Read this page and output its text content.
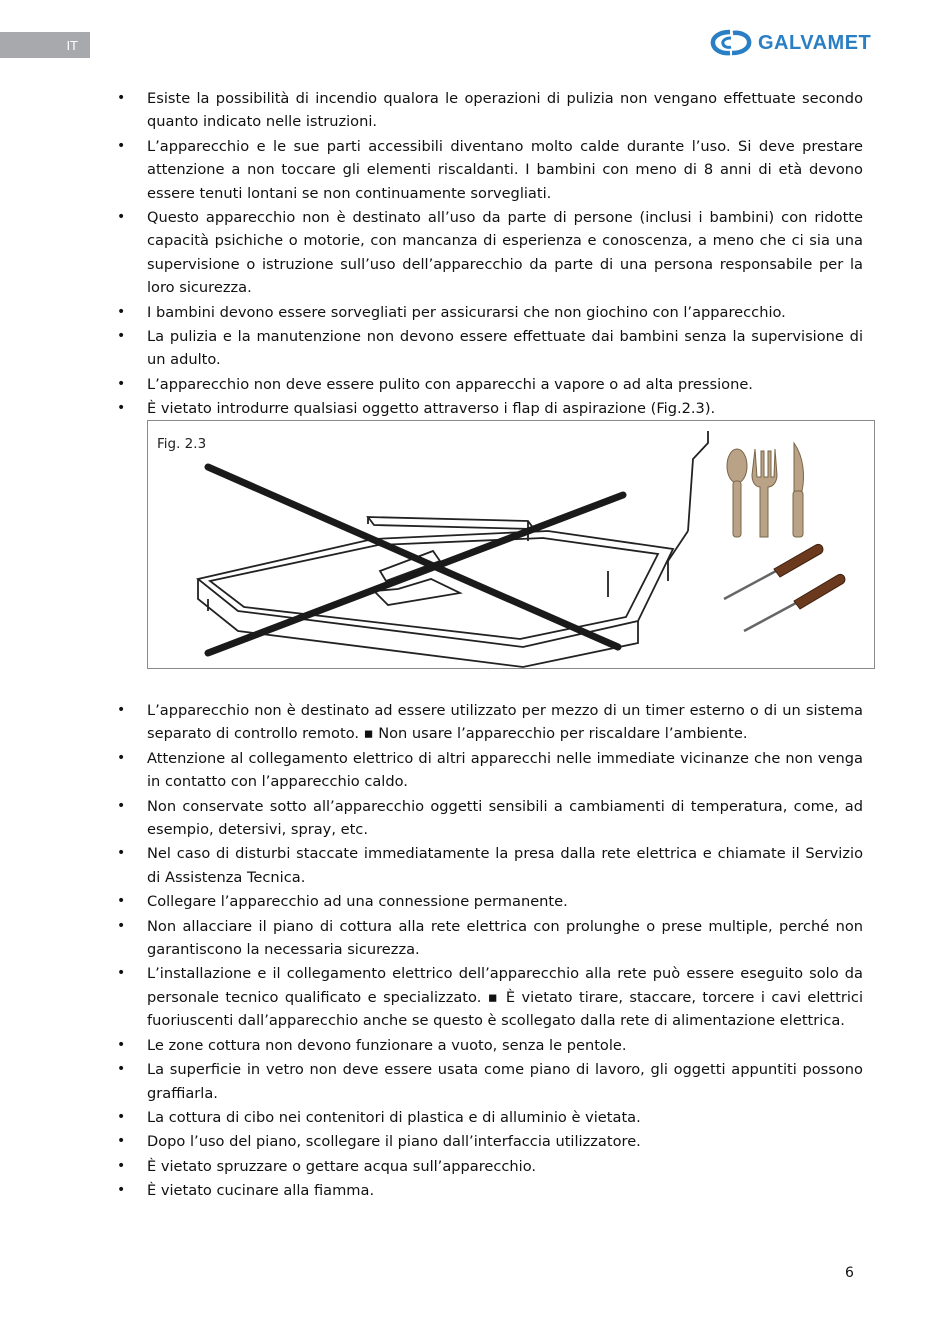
IT	GALVAMET
• Esiste la possibilità di incendio qualora le operazioni di pulizia non vengano effettuate secondo quanto indicato nelle istruzioni.
• L’apparecchio e le sue parti accessibili diventano molto calde durante l’uso. Si deve prestare attenzione a non toccare gli elementi riscaldanti. I bambini con meno di 8 anni di età devono essere tenuti lontani se non continuamente sorvegliati.
• Questo apparecchio non è destinato all’uso da parte di persone (inclusi i bambini) con ridotte capacità psichiche o motorie, con mancanza di esperienza e conoscenza, a meno che ci sia una supervisione o istruzione sull’uso dell’apparecchio da parte di una persona responsabile per la loro sicurezza.
• I bambini devono essere sorvegliati per assicurarsi che non giochino con l’apparecchio.
• La pulizia e la manutenzione non devono essere effettuate dai bambini senza la supervisione di un adulto.
• L’apparecchio non deve essere pulito con apparecchi a vapore o ad alta pressione.
• È vietato introdurre qualsiasi oggetto attraverso i flap di aspirazione (Fig.2.3).
Fig. 2.3
• L’apparecchio non è destinato ad essere utilizzato per mezzo di un timer esterno o di un sistema separato di controllo remoto. ▪ Non usare l’apparecchio per riscaldare l’ambiente.
• Attenzione al collegamento elettrico di altri apparecchi nelle immediate vicinanze che non venga in contatto con l’apparecchio caldo.
• Non conservate sotto all’apparecchio oggetti sensibili a cambiamenti di temperatura, come, ad esempio, detersivi, spray, etc.
• Nel caso di disturbi staccate immediatamente la presa dalla rete elettrica e chiamate il Servizio di Assistenza Tecnica.
• Collegare l’apparecchio ad una connessione permanente.
• Non allacciare il piano di cottura alla rete elettrica con prolunghe o prese multiple, perché non garantiscono la necessaria sicurezza.
• L’installazione e il collegamento elettrico dell’apparecchio alla rete può essere eseguito solo da personale tecnico qualificato e specializzato. ▪ È vietato tirare, staccare, torcere i cavi elettrici fuoriuscenti dall’apparecchio anche se questo è scollegato dalla rete di alimentazione elettrica.
• Le zone cottura non devono funzionare a vuoto, senza le pentole.
• La superficie in vetro non deve essere usata come piano di lavoro, gli oggetti appuntiti possono graffiarla.
• La cottura di cibo nei contenitori di plastica e di alluminio è vietata.
• Dopo l’uso del piano, scollegare il piano dall’interfaccia utilizzatore.
• È vietato spruzzare o gettare acqua sull’apparecchio.
• È vietato cucinare alla fiamma.
6
